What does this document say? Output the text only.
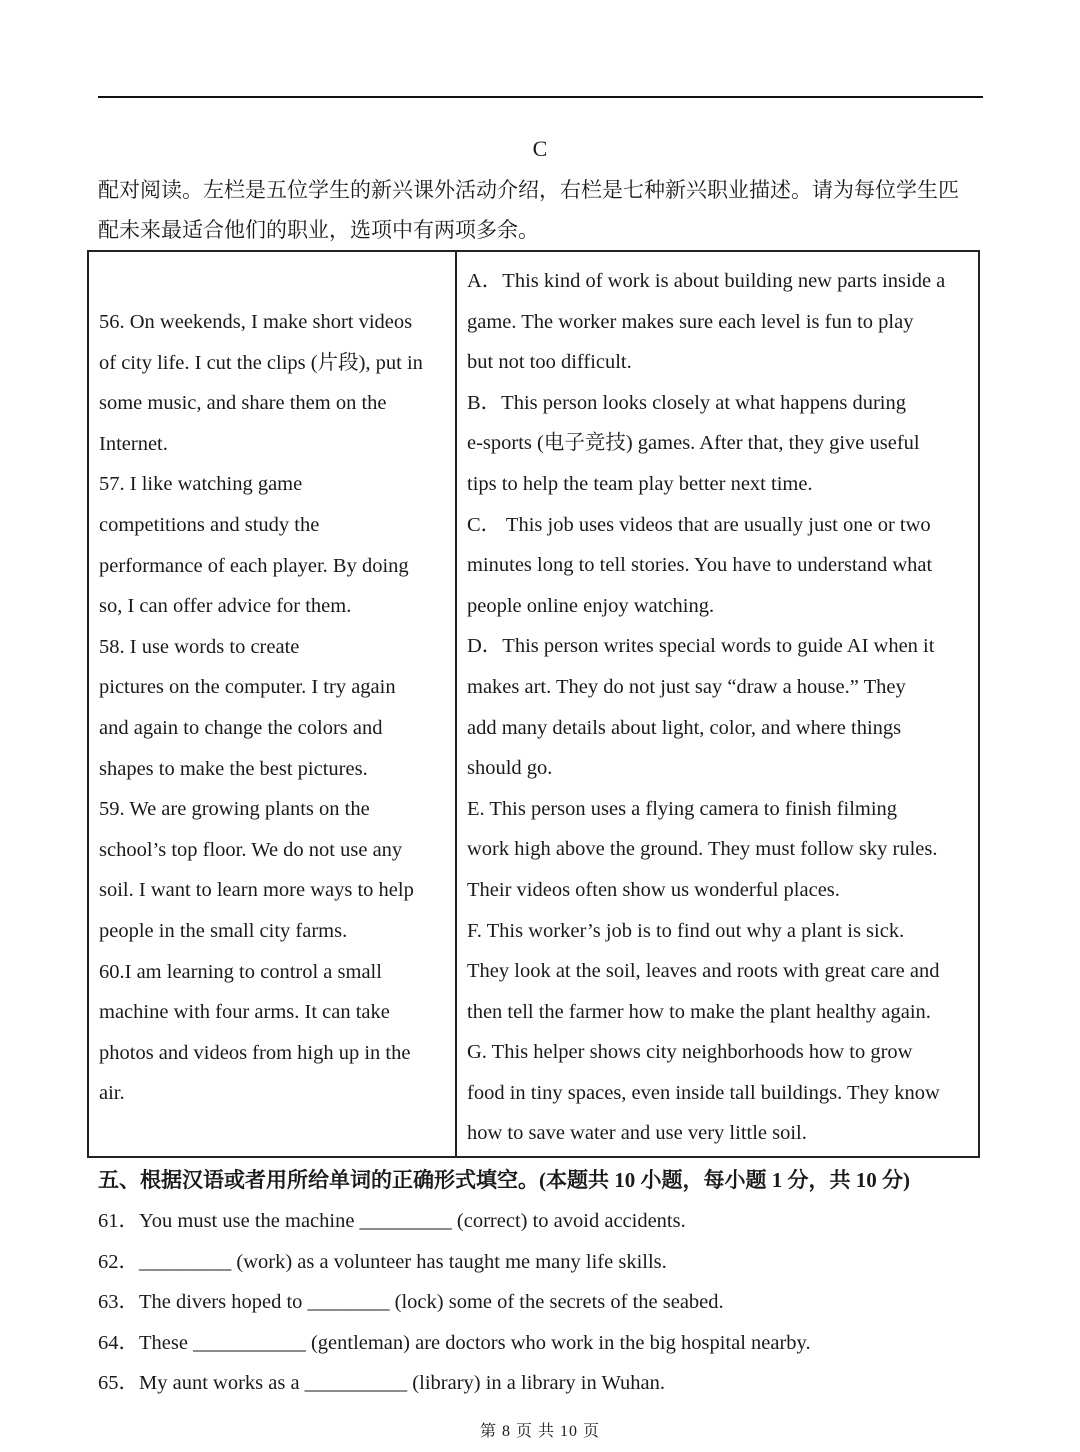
C
配对阅读。左栏是五位学生的新兴课外活动介绍，右栏是七种新兴职业描述。请为每位学生匹
配未来最适合他们的职业，选项中有两项多余。
56. On weekends, I make short videos
of city life. I cut the clips (片段), put in
some music, and share them on the
Internet.
57. I like watching game
competitions and study the
performance of each player. By doing
so, I can offer advice for them.
58. I use words to create
pictures on the computer. I try again
and again to change the colors and
shapes to make the best pictures.
59. We are growing plants on the
school’s top floor. We do not use any
soil. I want to learn more ways to help
people in the small city farms.
60.I am learning to control a small
machine with four arms. It can take
photos and videos from high up in the
air.
A．This kind of work is about building new parts inside a
game. The worker makes sure each level is fun to play
but not too difficult.
B．This person looks closely at what happens during
e-sports (电子竞技) games. After that, they give useful
tips to help the team play better next time.
C． This job uses videos that are usually just one or two
minutes long to tell stories. You have to understand what
people online enjoy watching.
D．This person writes special words to guide AI when it
makes art. They do not just say “draw a house.” They
add many details about light, color, and where things
should go.
E. This person uses a flying camera to finish filming
work high above the ground. They must follow sky rules.
Their videos often show us wonderful places.
F. This worker’s job is to find out why a plant is sick.
They look at the soil, leaves and roots with great care and
then tell the farmer how to make the plant healthy again.
G. This helper shows city neighborhoods how to grow
food in tiny spaces, even inside tall buildings. They know
how to save water and use very little soil.
五、根据汉语或者用所给单词的正确形式填空。(本题共 10 小题，每小题 1 分，共 10 分)
61．You must use the machine _________ (correct) to avoid accidents.
62．_________ (work) as a volunteer has taught me many life skills.
63．The divers hoped to ________ (lock) some of the secrets of the seabed.
64．These ___________ (gentleman) are doctors who work in the big hospital nearby.
65．My aunt works as a __________ (library) in a library in Wuhan.
第 8 页 共 10 页
